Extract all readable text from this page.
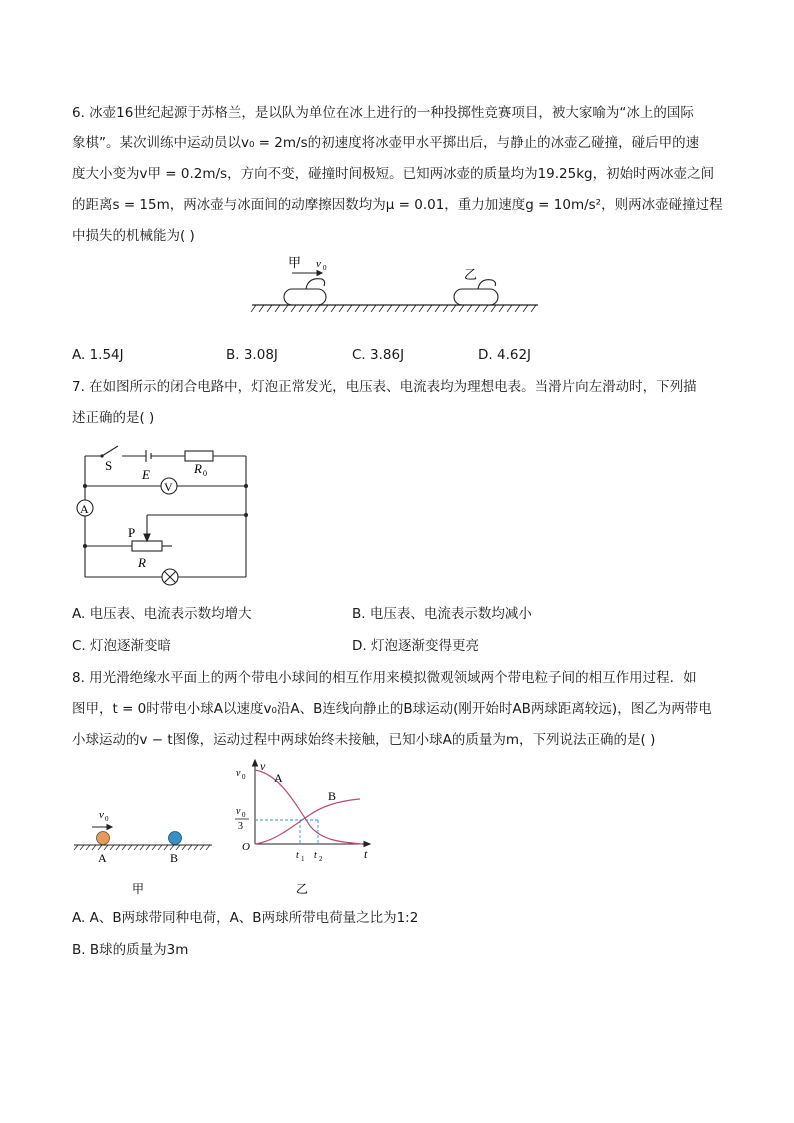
6. 冰壶16世纪起源于苏格兰，是以队为单位在冰上进行的一种投掷性竞赛项目，被大家喻为“冰上的国际
象棋”。某次训练中运动员以v₀ = 2m/s的初速度将冰壶甲水平掷出后，与静止的冰壶乙碰撞，碰后甲的速
度大小变为v甲 = 0.2m/s，方向不变，碰撞时间极短。已知两冰壶的质量均为19.25kg，初始时两冰壶之间
的距离s = 15m，两冰壶与冰面间的动摩擦因数均为μ = 0.01，重力加速度g = 10m/s²，则两冰壶碰撞过程
中损失的机械能为( )
甲 v 0	乙
A. 1.54J	B. 3.08J	C. 3.86J	D. 4.62J
7. 在如图所示的闭合电路中，灯泡正常发光，电压表、电流表均为理想电表。当滑片向左滑动时，下列描
述正确的是( )
S
E	R 0
V
A
P
R
A. 电压表、电流表示数均增大	B. 电压表、电流表示数均减小
C. 灯泡逐渐变暗	D. 灯泡逐渐变得更亮
8. 用光滑绝缘水平面上的两个带电小球间的相互作用来模拟微观领域两个带电粒子间的相互作用过程．如
图甲，t = 0时带电小球A以速度v₀沿A、B连线向静止的B球运动(刚开始时AB两球距离较远)，图乙为两带电
小球运动的v − t图像，运动过程中两球始终未接触，已知小球A的质量为m，下列说法正确的是( )
v 0
A	B
甲
v
t
O
v 0
v 0
3
A
B
t 1 t 2
乙
A. A、B两球带同种电荷，A、B两球所带电荷量之比为1:2
B. B球的质量为3m
